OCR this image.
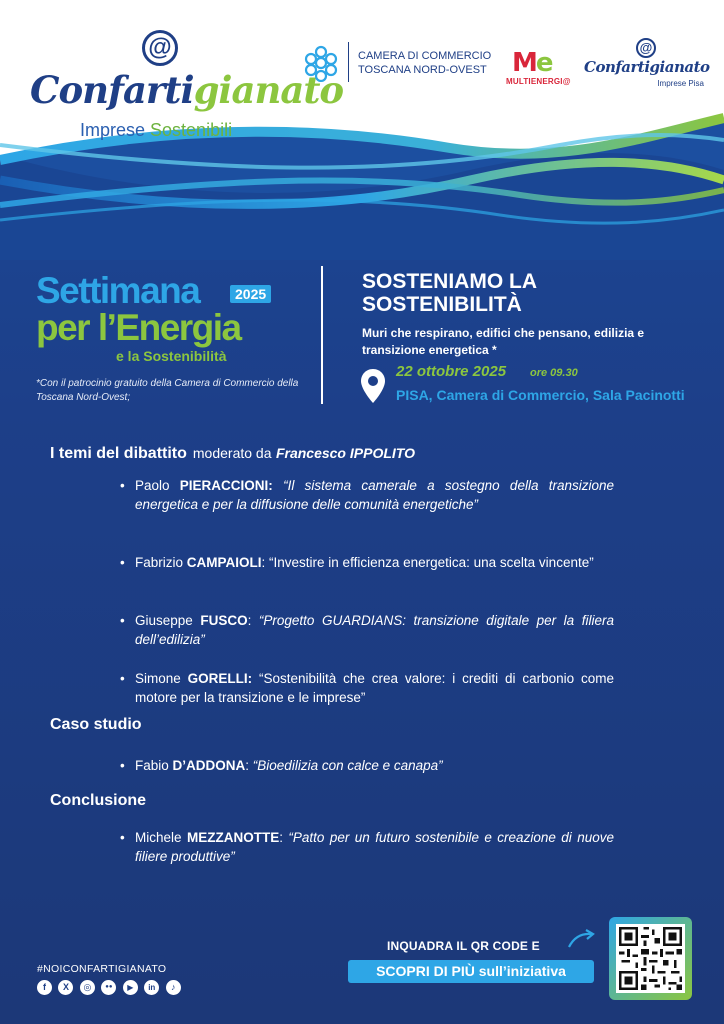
@
Confartigianato
Imprese Sostenibili
CAMERA DI COMMERCIO
TOSCANA NORD-OVEST Me
MULTIENERGI@
@
Confartigianato
Imprese Pisa
Settimana	2025
per l’Energia
e la Sostenibilità
*Con il patrocinio gratuito della Camera di Commercio della Toscana Nord-Ovest;
SOSTENIAMO LA SOSTENIBILITÀ
Muri che respirano, edifici che pensano, edilizia e transizione energetica *
22 ottobre 2025 ore 09.30
PISA, Camera di Commercio, Sala Pacinotti
I temi del dibattito moderato da Francesco IPPOLITO
• Paolo PIERACCIONI: “Il sistema camerale a sostegno della transizione energetica e per la diffusione delle comunità energetiche”
• Fabrizio CAMPAIOLI: “Investire in efficienza energetica: una scelta vincente”
• Giuseppe FUSCO: “Progetto GUARDIANS: transizione digitale per la filiera dell’edilizia”
• Simone GORELLI: “Sostenibilità che crea valore: i crediti di carbonio come motore per la transizione e le imprese”
Caso studio
• Fabio D’ADDONA: “Bioedilizia con calce e canapa”
Conclusione
• Michele MEZZANOTTE: “Patto per un futuro sostenibile e creazione di nuove filiere produttive”
#NOICONFARTIGIANATO
f X ◎ ●● ▶ in ♪
INQUADRA IL QR CODE E
SCOPRI DI PIÙ sull’iniziativa
